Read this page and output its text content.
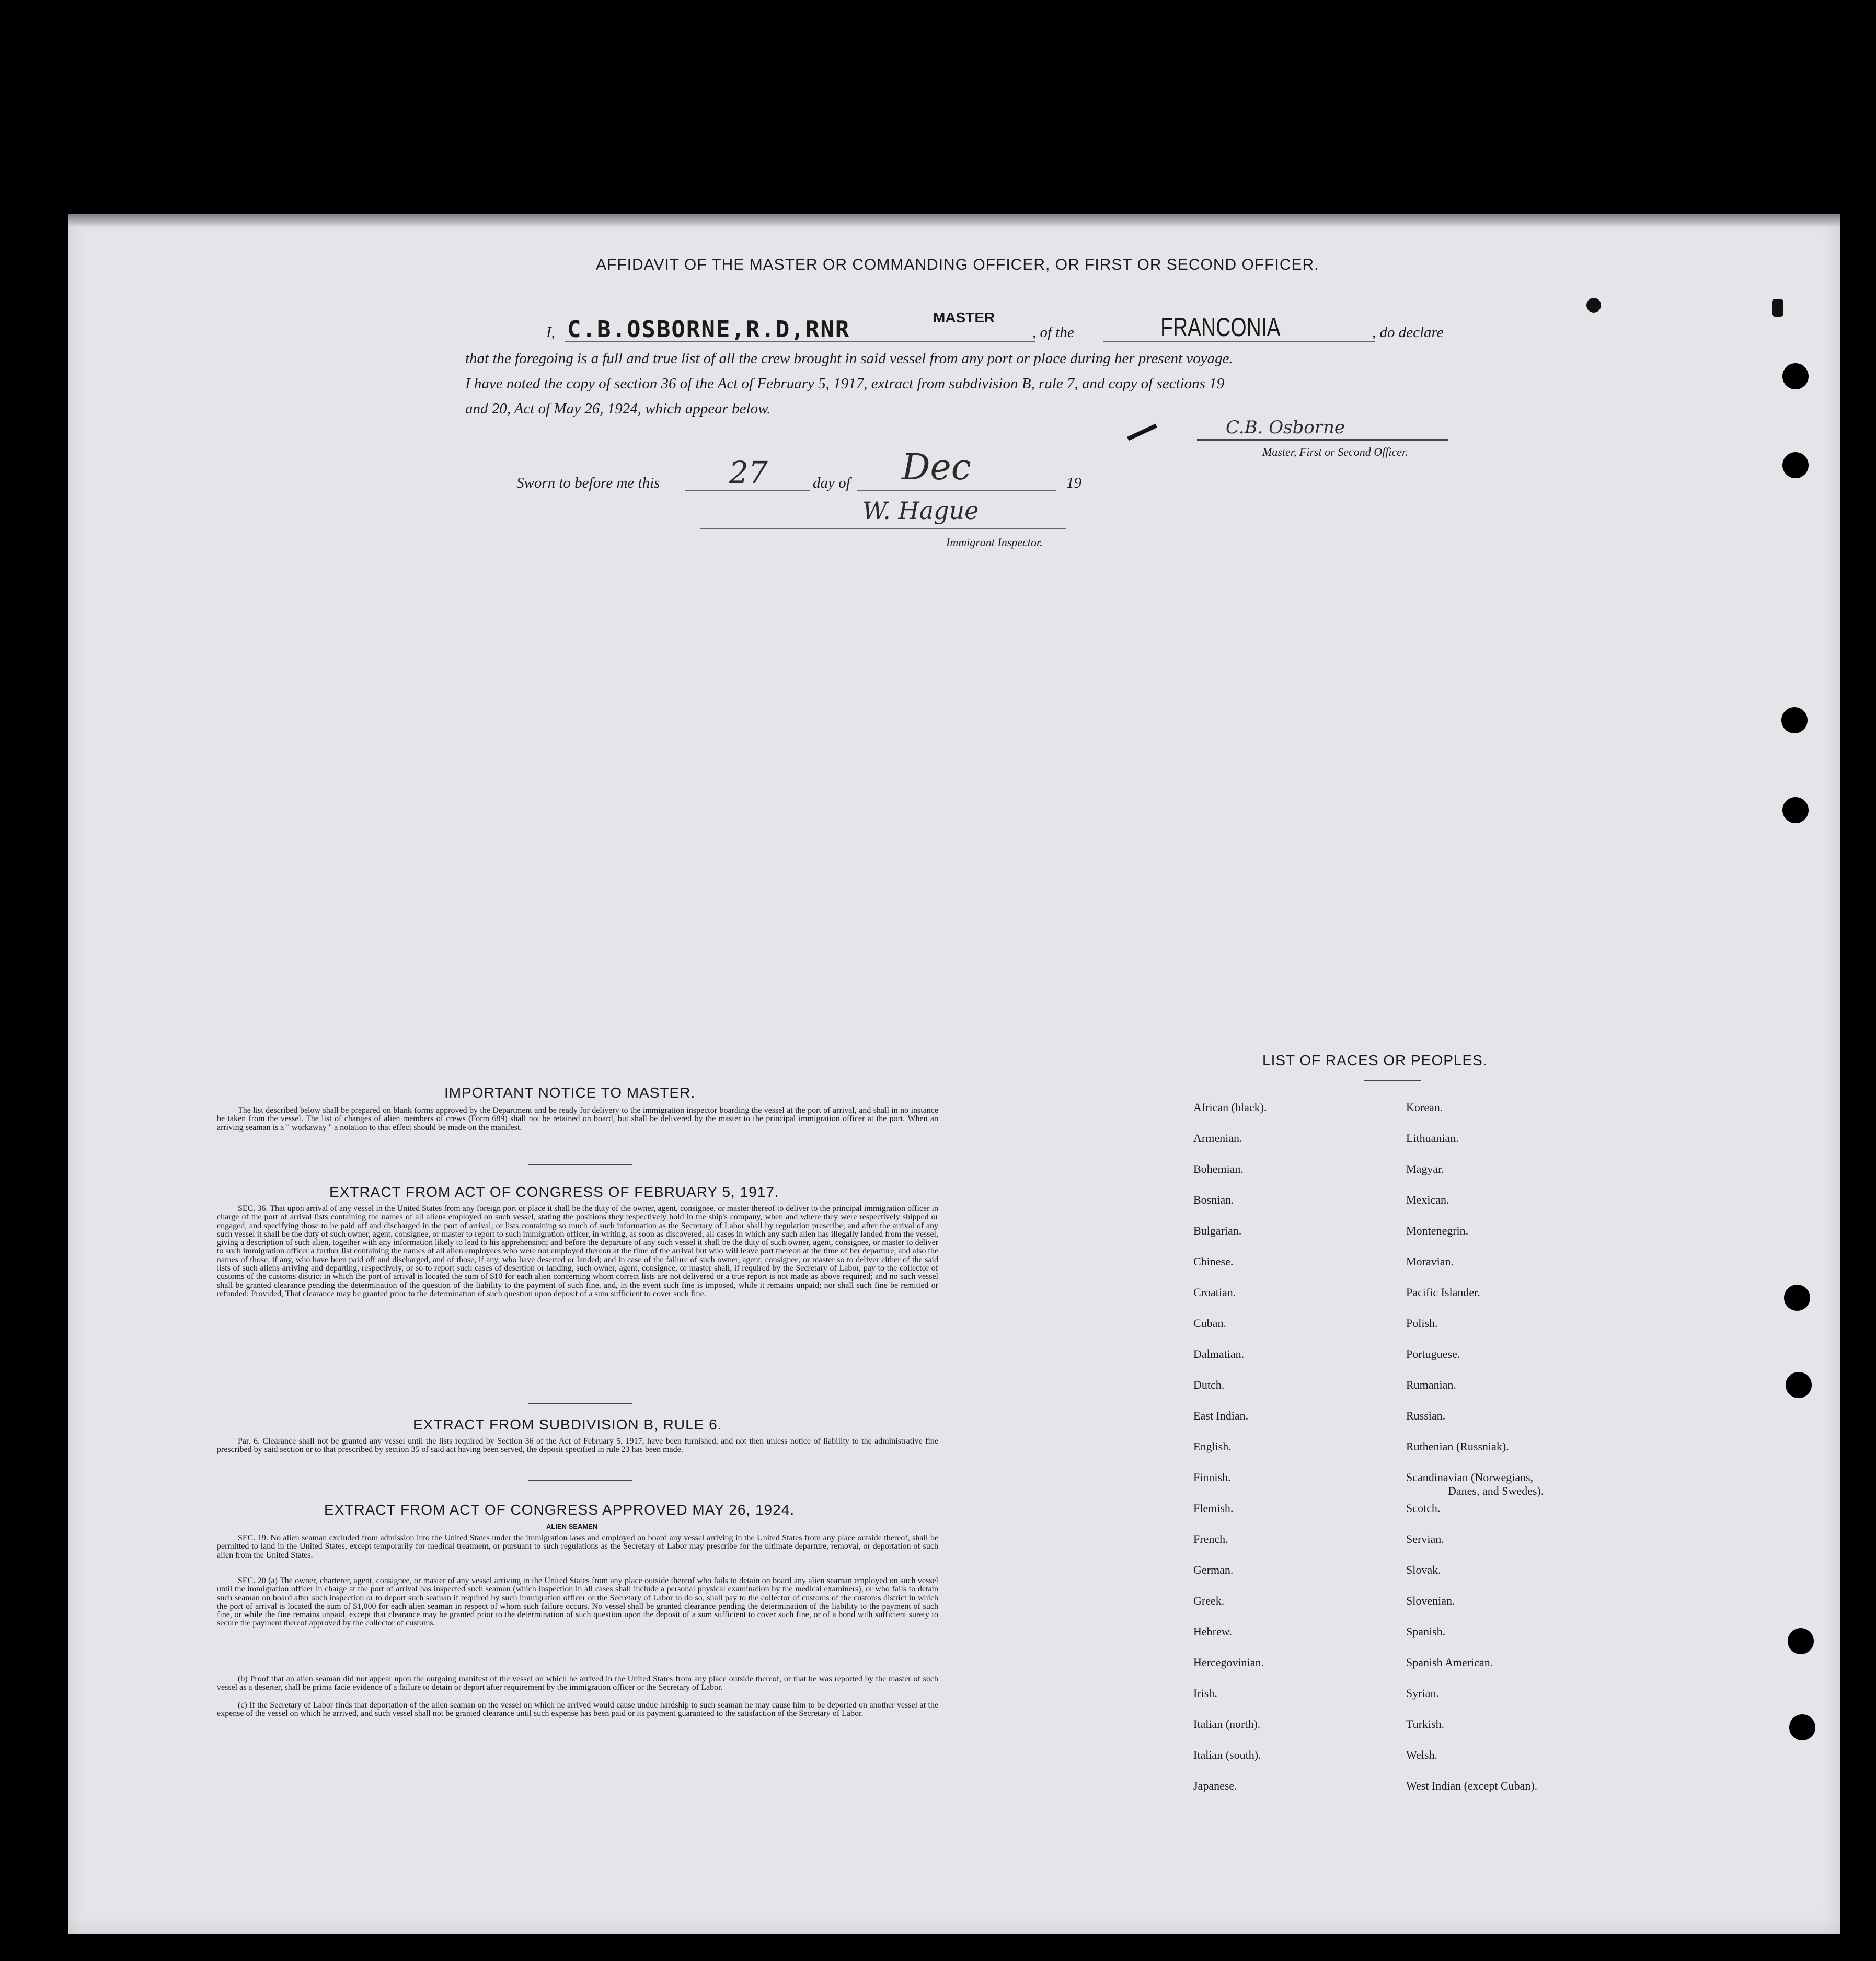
AFFIDAVIT OF THE MASTER OR COMMANDING OFFICER, OR FIRST OR SECOND OFFICER.
I, C.B.OSBORNE,R.D,RNR	MASTER
, of the	FRANCONIA	, do declare
that the foregoing is a full and true list of all the crew brought in said vessel from any port or place during her present voyage.
I have noted the copy of section 36 of the Act of February 5, 1917, extract from subdivision B, rule 7, and copy of sections 19
and 20, Act of May 26, 1924, which appear below.
C.B. Osborne
Master, First or Second Officer.
Sworn to before me this 27	day of Dec	19
W. Hague
Immigrant Inspector.
IMPORTANT NOTICE TO MASTER.
The list described below shall be prepared on blank forms approved by the Department and be ready for delivery to the immigration inspector boarding the vessel at the port of arrival, and shall in no instance be taken from the vessel. The list of changes of alien members of crews (Form 689) shall not be retained on board, but shall be delivered by the master to the principal immigration officer at the port. When an arriving seaman is a " workaway " a notation to that effect should be made on the manifest.
EXTRACT FROM ACT OF CONGRESS OF FEBRUARY 5, 1917.
SEC. 36. That upon arrival of any vessel in the United States from any foreign port or place it shall be the duty of the owner, agent, consignee, or master thereof to deliver to the principal immigration officer in charge of the port of arrival lists containing the names of all aliens employed on such vessel, stating the positions they respectively hold in the ship's company, when and where they were respectively shipped or engaged, and specifying those to be paid off and discharged in the port of arrival; or lists containing so much of such information as the Secretary of Labor shall by regulation prescribe; and after the arrival of any such vessel it shall be the duty of such owner, agent, consignee, or master to report to such immigration officer, in writing, as soon as discovered, all cases in which any such alien has illegally landed from the vessel, giving a description of such alien, together with any information likely to lead to his apprehension; and before the departure of any such vessel it shall be the duty of such owner, agent, consignee, or master to deliver to such immigration officer a further list containing the names of all alien employees who were not employed thereon at the time of the arrival but who will leave port thereon at the time of her departure, and also the names of those, if any, who have been paid off and discharged, and of those, if any, who have deserted or landed; and in case of the failure of such owner, agent, consignee, or master so to deliver either of the said lists of such aliens arriving and departing, respectively, or so to report such cases of desertion or landing, such owner, agent, consignee, or master shall, if required by the Secretary of Labor, pay to the collector of customs of the customs district in which the port of arrival is located the sum of $10 for each alien concerning whom correct lists are not delivered or a true report is not made as above required; and no such vessel shall be granted clearance pending the determination of the question of the liability to the payment of such fine, and, in the event such fine is imposed, while it remains unpaid; nor shall such fine be remitted or refunded: Provided, That clearance may be granted prior to the determination of such question upon deposit of a sum sufficient to cover such fine.
EXTRACT FROM SUBDIVISION B, RULE 6.
Par. 6. Clearance shall not be granted any vessel until the lists required by Section 36 of the Act of February 5, 1917, have been furnished, and not then unless notice of liability to the administrative fine prescribed by said section or to that prescribed by section 35 of said act having been served, the deposit specified in rule 23 has been made.
EXTRACT FROM ACT OF CONGRESS APPROVED MAY 26, 1924.
ALIEN SEAMEN
SEC. 19. No alien seaman excluded from admission into the United States under the immigration laws and employed on board any vessel arriving in the United States from any place outside thereof, shall be permitted to land in the United States, except temporarily for medical treatment, or pursuant to such regulations as the Secretary of Labor may prescribe for the ultimate departure, removal, or deportation of such alien from the United States.
SEC. 20 (a) The owner, charterer, agent, consignee, or master of any vessel arriving in the United States from any place outside thereof who fails to detain on board any alien seaman employed on such vessel until the immigration officer in charge at the port of arrival has inspected such seaman (which inspection in all cases shall include a personal physical examination by the medical examiners), or who fails to detain such seaman on board after such inspection or to deport such seaman if required by such immigration officer or the Secretary of Labor to do so, shall pay to the collector of customs of the customs district in which the port of arrival is located the sum of $1,000 for each alien seaman in respect of whom such failure occurs. No vessel shall be granted clearance pending the determination of the liability to the payment of such fine, or while the fine remains unpaid, except that clearance may be granted prior to the determination of such question upon the deposit of a sum sufficient to cover such fine, or of a bond with sufficient surety to secure the payment thereof approved by the collector of customs.
(b) Proof that an alien seaman did not appear upon the outgoing manifest of the vessel on which he arrived in the United States from any place outside thereof, or that he was reported by the master of such vessel as a deserter, shall be prima facie evidence of a failure to detain or deport after requirement by the immigration officer or the Secretary of Labor.
(c) If the Secretary of Labor finds that deportation of the alien seaman on the vessel on which he arrived would cause undue hardship to such seaman he may cause him to be deported on another vessel at the expense of the vessel on which he arrived, and such vessel shall not be granted clearance until such expense has been paid or its payment guaranteed to the satisfaction of the Secretary of Labor.
LIST OF RACES OR PEOPLES.
African (black).
Armenian.
Bohemian.
Bosnian.
Bulgarian.
Chinese.
Croatian.
Cuban.
Dalmatian.
Dutch.
East Indian.
English.
Finnish.
Flemish.
French.
German.
Greek.
Hebrew.
Hercegovinian.
Irish.
Italian (north).
Italian (south).
Japanese.
Korean.
Lithuanian.
Magyar.
Mexican.
Montenegrin.
Moravian.
Pacific Islander.
Polish.
Portuguese.
Rumanian.
Russian.
Ruthenian (Russniak).
Scandinavian (Norwegians,
Danes, and Swedes).
Scotch.
Servian.
Slovak.
Slovenian.
Spanish.
Spanish American.
Syrian.
Turkish.
Welsh.
West Indian (except Cuban).
